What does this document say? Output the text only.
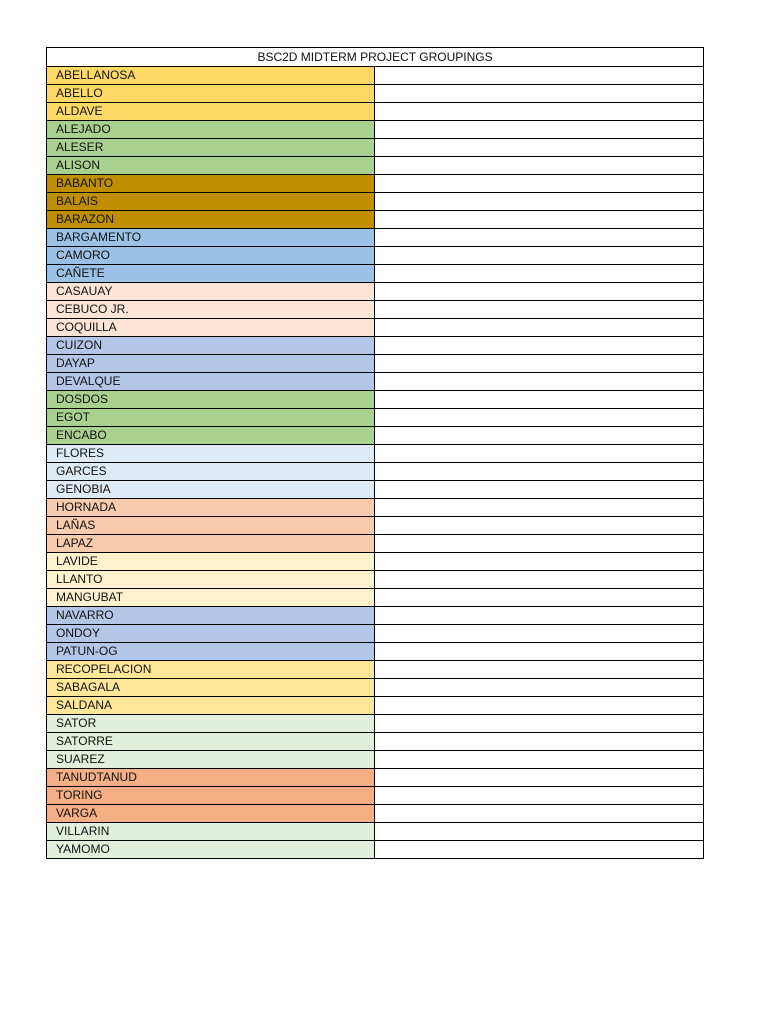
BSC2D MIDTERM PROJECT GROUPINGS	
ABELLANOSA	
ABELLO	
ALDAVE	
ALEJADO	
ALESER	
ALISON	
BABANTO	
BALAIS	
BARAZON	
BARGAMENTO	
CAMORO	
CAÑETE	
CASAUAY	
CEBUCO JR.	
COQUILLA	
CUIZON	
DAYAP	
DEVALQUE	
DOSDOS	
EGOT	
ENCABO	
FLORES	
GARCES	
GENOBIA	
HORNADA	
LAÑAS	
LAPAZ	
LAVIDE	
LLANTO	
MANGUBAT	
NAVARRO	
ONDOY	
PATUN-OG	
RECOPELACION	
SABAGALA	
SALDANA	
SATOR	
SATORRE	
SUAREZ	
TANUDTANUD	
TORING	
VARGA	
VILLARIN	
YAMOMO	
